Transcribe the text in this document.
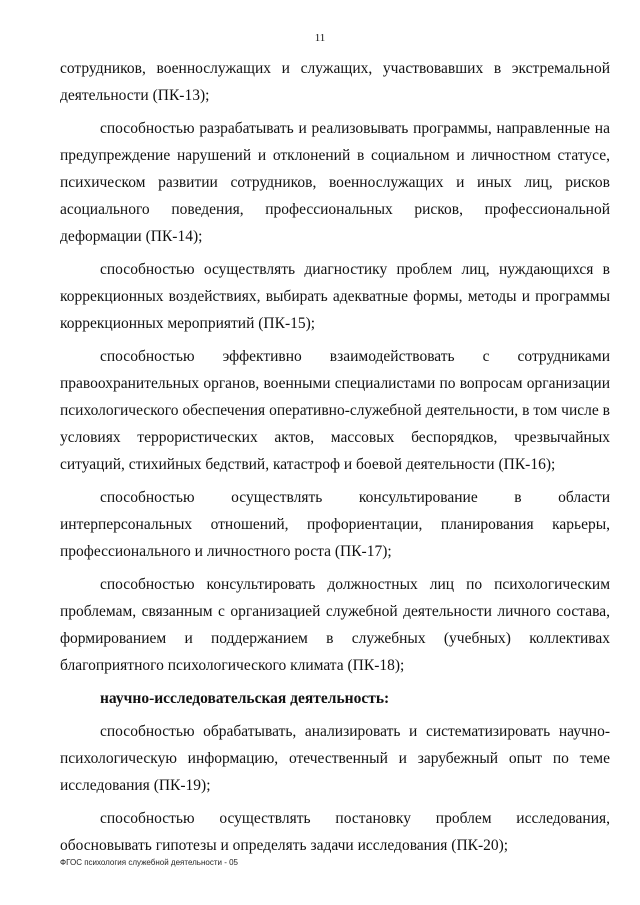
11

сотрудников, военнослужащих и служащих, участвовавших в экстремальной деятельности (ПК-13);

способностью разрабатывать и реализовывать программы, направленные на предупреждение нарушений и отклонений в социальном и личностном статусе, психическом развитии сотрудников, военнослужащих и иных лиц, рисков асоциального поведения, профессиональных рисков, профессиональной деформации (ПК-14);

способностью осуществлять диагностику проблем лиц, нуждающихся в коррекционных воздействиях, выбирать адекватные формы, методы и программы коррекционных мероприятий (ПК-15);

способностью эффективно взаимодействовать с сотрудниками правоохранительных органов, военными специалистами по вопросам организации психологического обеспечения оперативно-служебной деятельности, в том числе в условиях террористических актов, массовых беспорядков, чрезвычайных ситуаций, стихийных бедствий, катастроф и боевой деятельности (ПК-16);

способностью осуществлять консультирование в области интерперсональных отношений, профориентации, планирования карьеры, профессионального и личностного роста (ПК-17);

способностью консультировать должностных лиц по психологическим проблемам, связанным с организацией служебной деятельности личного состава, формированием и поддержанием в служебных (учебных) коллективах благоприятного психологического климата (ПК-18);

научно-исследовательская деятельность:

способностью обрабатывать, анализировать и систематизировать научно-психологическую информацию, отечественный и зарубежный опыт по теме исследования (ПК-19);

способностью осуществлять постановку проблем исследования, обосновывать гипотезы и определять задачи исследования (ПК-20);

ФГОС психология служебной деятельности - 05
